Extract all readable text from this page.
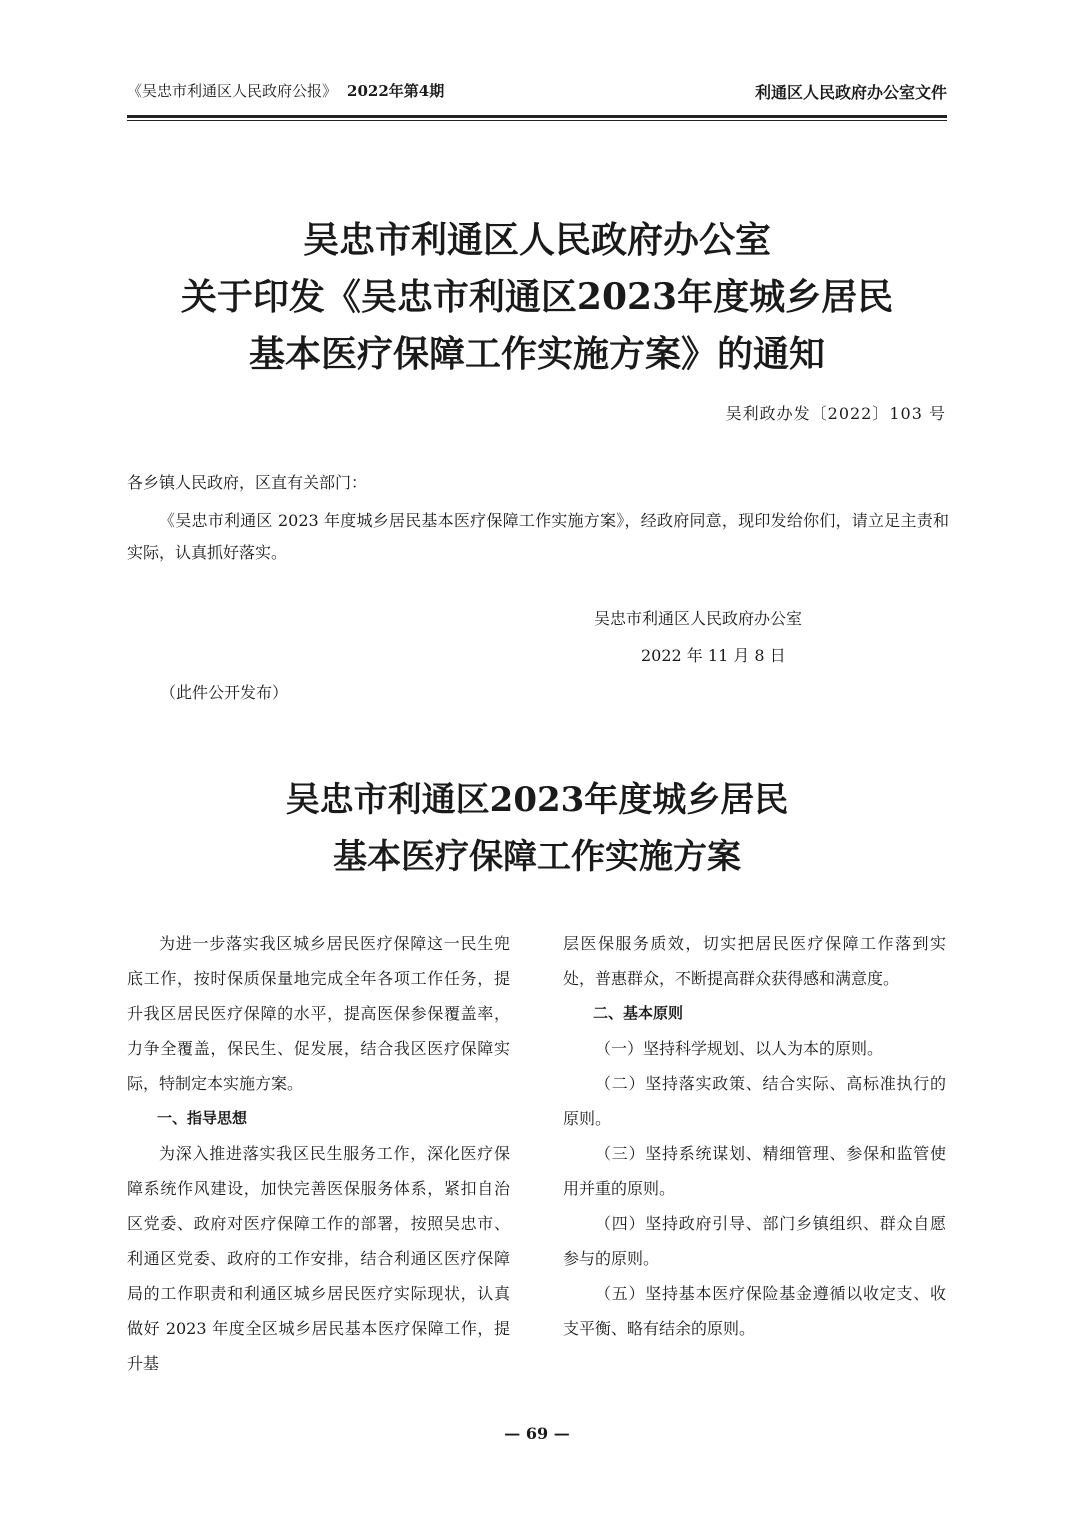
《吴忠市利通区人民政府公报》 2022年第4期	利通区人民政府办公室文件
吴忠市利通区人民政府办公室
关于印发《吴忠市利通区2023年度城乡居民
基本医疗保障工作实施方案》的通知
吴利政办发〔2022〕103 号
各乡镇人民政府，区直有关部门：
《吴忠市利通区 2023 年度城乡居民基本医疗保障工作实施方案》，经政府同意，现印发给你们，请立足主责和实际，认真抓好落实。
吴忠市利通区人民政府办公室
2022 年 11 月 8 日
（此件公开发布）
吴忠市利通区2023年度城乡居民
基本医疗保障工作实施方案

为进一步落实我区城乡居民医疗保障这一民生兜底工作，按时保质保量地完成全年各项工作任务，提升我区居民医疗保障的水平，提高医保参保覆盖率，力争全覆盖，保民生、促发展，结合我区医疗保障实际，特制定本实施方案。

一、指导思想

为深入推进落实我区民生服务工作，深化医疗保障系统作风建设，加快完善医保服务体系，紧扣自治区党委、政府对医疗保障工作的部署，按照吴忠市、利通区党委、政府的工作安排，结合利通区医疗保障局的工作职责和利通区城乡居民医疗实际现状，认真做好 2023 年度全区城乡居民基本医疗保障工作，提升基

层医保服务质效，切实把居民医疗保障工作落到实处，普惠群众，不断提高群众获得感和满意度。

二、基本原则

（一）坚持科学规划、以人为本的原则。

（二）坚持落实政策、结合实际、高标准执行的原则。

（三）坚持系统谋划、精细管理、参保和监管使用并重的原则。

（四）坚持政府引导、部门乡镇组织、群众自愿参与的原则。

（五）坚持基本医疗保险基金遵循以收定支、收支平衡、略有结余的原则。

— 69 —
